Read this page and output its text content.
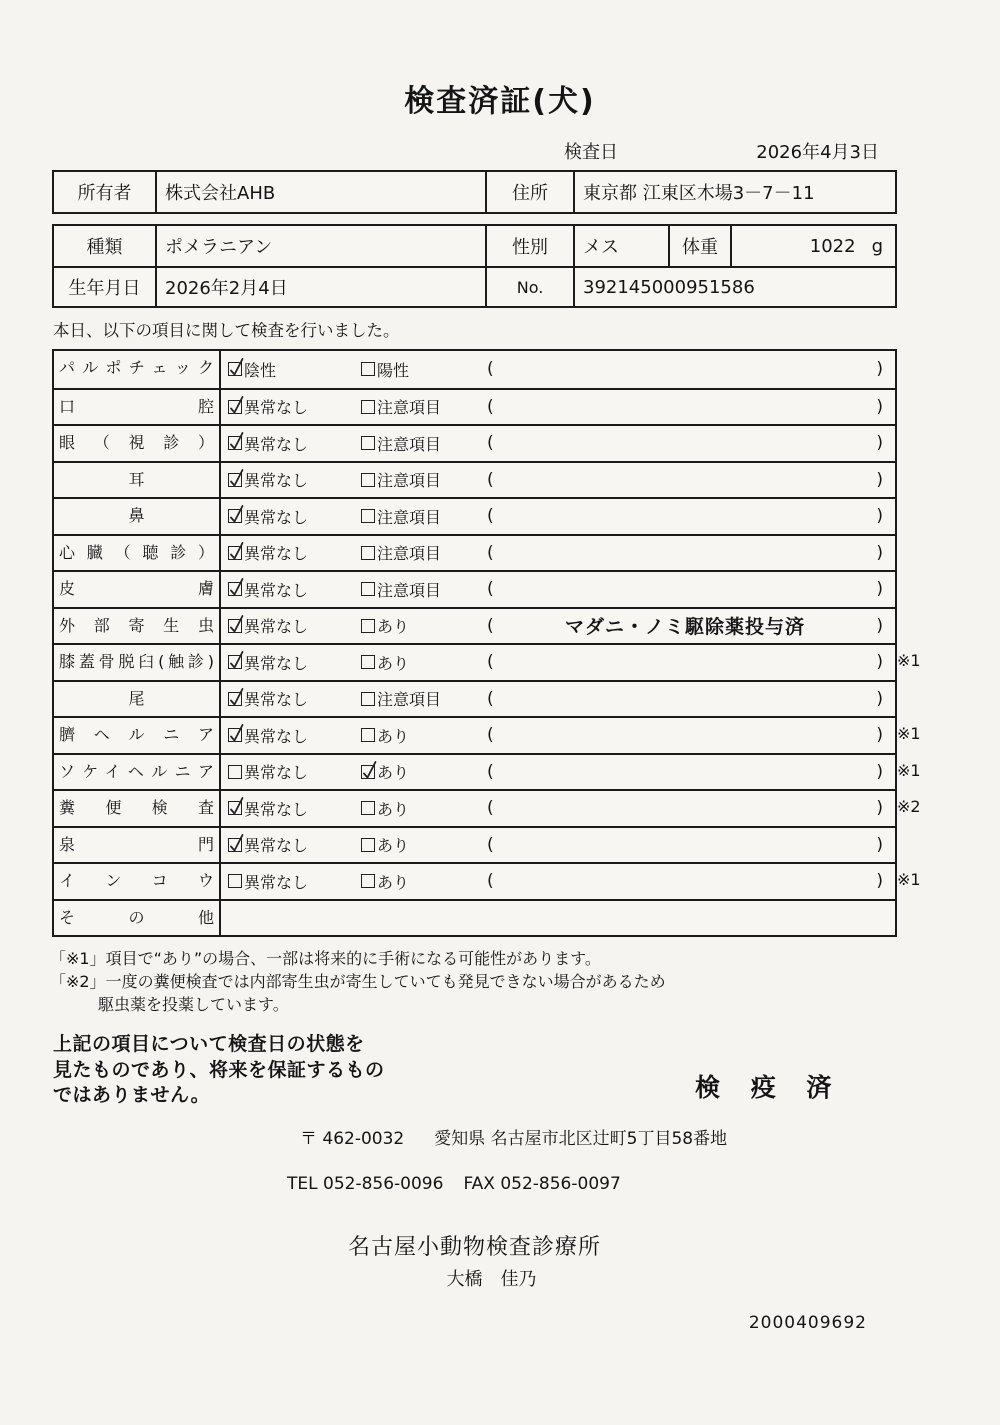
検査済証(犬)
検査日	2026年4月3日
所有者	株式会社AHB	住所	東京都 江東区木場3－7－11
種類	ポメラニアン	性別	メス	体重	1022 g
生年月日	2026年2月4日	No.	392145000951586
本日、以下の項目に関して検査を行いました。
パルポチェック	陰性	陽性	(	)
口腔	異常なし	注意項目	(	)
眼（視診）	異常なし	注意項目	(	)
耳	異常なし	注意項目	(	)
鼻	異常なし	注意項目	(	)
心臓（聴診）	異常なし	注意項目	(	)
皮膚	異常なし	注意項目	(	)
外部寄生虫	異常なし	あり	(	マダニ・ノミ駆除薬投与済	)
膝蓋骨脱臼(触診)	異常なし	あり	(	) ※1
尾	異常なし	注意項目	(	)
臍ヘルニア	異常なし	あり	(	) ※1
ソケイヘルニア	異常なし	あり	(	) ※1
糞便検査	異常なし	あり	(	) ※2
泉門	異常なし	あり	(	)
インコウ	異常なし	あり	(	) ※1
その他
「※1」項目で“あり”の場合、一部は将来的に手術になる可能性があります。
「※2」一度の糞便検査では内部寄生虫が寄生していても発見できない場合があるため
　　　駆虫薬を投薬しています。
上記の項目について検査日の状態を
見たものであり、将来を保証するもの
ではありません。	検 疫 済
〒 462-0032 愛知県 名古屋市北区辻町5丁目58番地
TEL 052-856-0096 FAX 052-856-0097
名古屋小動物検査診療所
大橋　佳乃
2000409692
